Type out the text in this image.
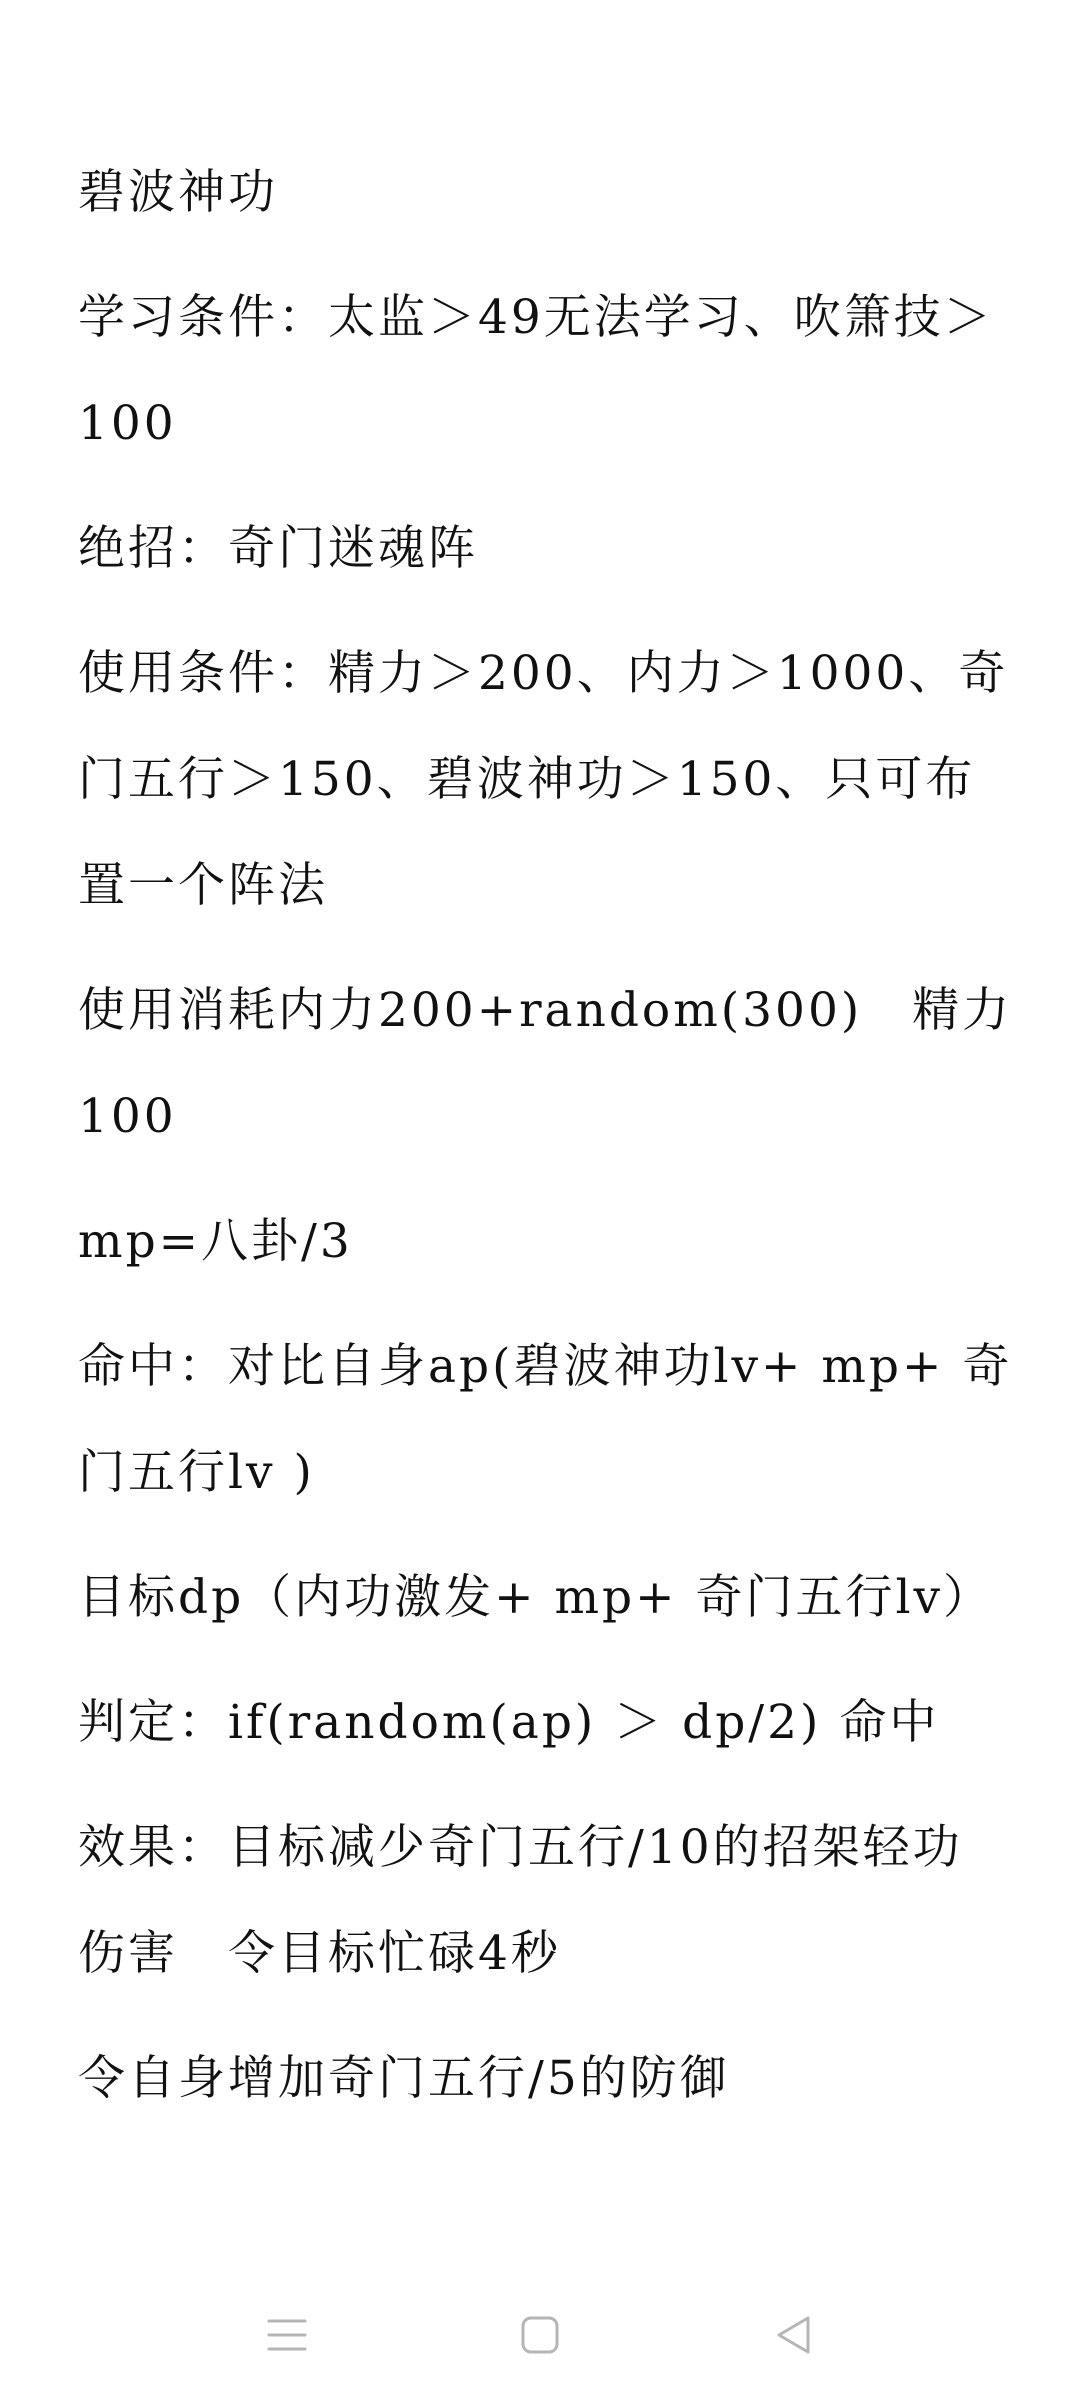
碧波神功

学习条件：太监＞49无法学习、吹箫技＞100

绝招：奇门迷魂阵

使用条件：精力＞200、内力＞1000、奇门五行＞150、碧波神功＞150、只可布置一个阵法

使用消耗内力200+random(300)　精力100

mp=八卦/3

命中：对比自身ap(碧波神功lv+ mp+ 奇门五行lv )

目标dp（内功激发+ mp+ 奇门五行lv）

判定：if(random(ap) ＞ dp/2) 命中

效果：目标减少奇门五行/10的招架轻功　伤害　令目标忙碌4秒

令自身增加奇门五行/5的防御
